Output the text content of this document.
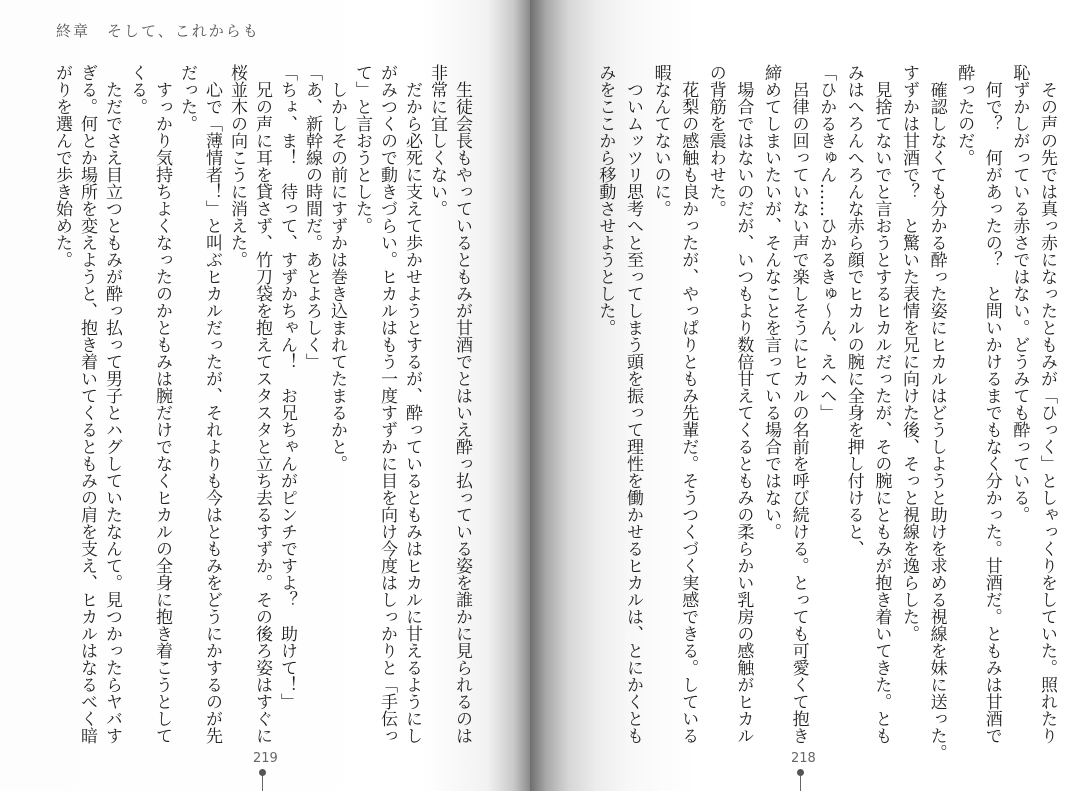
終章　そして、これからも
　生徒会長もやっているともみが甘酒でとはいえ酔っ払っている姿を誰かに見られるのは
非常に宜しくない。
　だから必死に支えて歩かせようとするが、酔っているともみはヒカルに甘えるようにし
がみつくので動きづらい。ヒカルはもう一度すずかに目を向け今度はしっかりと「手伝っ
て」と言おうとした。
　しかしその前にすずかは巻き込まれてたまるかと。
「あ、新幹線の時間だ。あとよろしく」
「ちょ、ま！　待って、すずかちゃん！　お兄ちゃんがピンチですよ？　助けて！」
　兄の声に耳を貸さず、竹刀袋を抱えてスタスタと立ち去るすずか。その後ろ姿はすぐに
桜並木の向こうに消えた。
　心で「薄情者！」と叫ぶヒカルだったが、それよりも今はともみをどうにかするのが先
だった。
　すっかり気持ちよくなったのかともみは腕だけでなくヒカルの全身に抱き着こうとして
くる。
　ただでさえ目立つともみが酔っ払って男子とハグしていたなんて。見つかったらヤバす
ぎる。何とか場所を変えようと、抱き着いてくるともみの肩を支え、ヒカルはなるべく暗
がりを選んで歩き始めた。
219
　その声の先では真っ赤になったともみが「ひっく」としゃっくりをしていた。照れたり
恥ずかしがっている赤さではない。どうみても酔っている。
　何で？　何があったの？　と問いかけるまでもなく分かった。甘酒だ。ともみは甘酒で
酔ったのだ。
　確認しなくても分かる酔った姿にヒカルはどうしようと助けを求める視線を妹に送った。
すずかは甘酒で？　と驚いた表情を兄に向けた後、そっと視線を逸らした。
　見捨てないでと言おうとするヒカルだったが、その腕にともみが抱き着いてきた。とも
みはへろんへろんな赤ら顔でヒカルの腕に全身を押し付けると、
「ひかるきゅん……ひかるきゅ～ん、えへへ」
　呂律の回っていない声で楽しそうにヒカルの名前を呼び続ける。とっても可愛くて抱き
締めてしまいたいが、そんなことを言っている場合ではない。
　場合ではないのだが、いつもより数倍甘えてくるともみの柔らかい乳房の感触がヒカル
の背筋を震わせた。
　花梨の感触も良かったが、やっぱりともみ先輩だ。そうつくづく実感できる。している
暇なんてないのに。
　ついムッツリ思考へと至ってしまう頭を振って理性を働かせるヒカルは、とにかくとも
みをここから移動させようとした。
218
